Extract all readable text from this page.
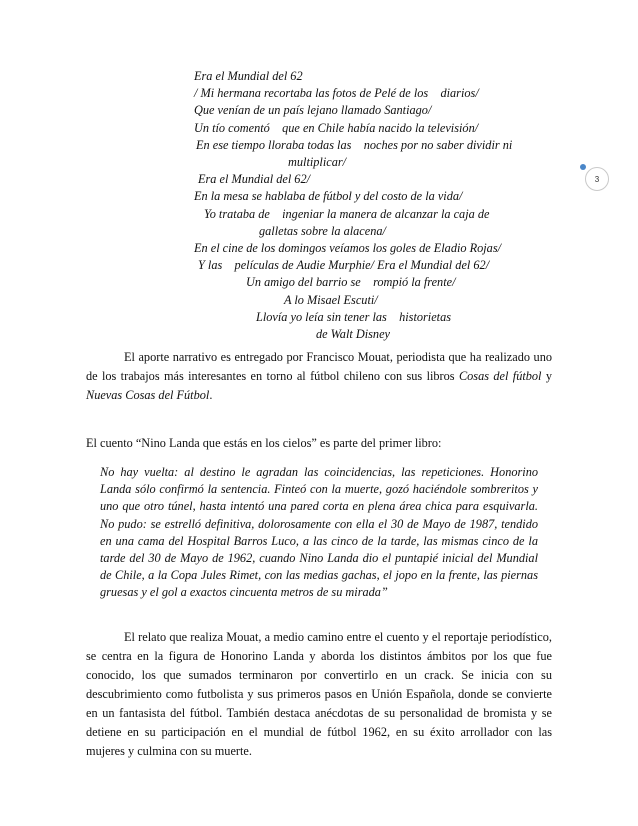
3
Era el Mundial del 62
/ Mi hermana recortaba las fotos de Pelé de los    diarios/
Que venían de un país lejano llamado Santiago/
Un tío comentó    que en Chile había nacido la televisión/
En ese tiempo lloraba todas las    noches por no saber dividir ni
multiplicar/
Era el Mundial del 62/
En la mesa se hablaba de fútbol y del costo de la vida/
Yo trataba de    ingeniar la manera de alcanzar la caja de
galletas sobre la alacena/
En el cine de los domingos veíamos los goles de Eladio Rojas/
Y las    películas de Audie Murphie/ Era el Mundial del 62/
Un amigo del barrio se    rompió la frente/
A lo Misael Escuti/
Llovía yo leía sin tener las    historietas
de Walt Disney

El aporte narrativo es entregado por Francisco Mouat, periodista que ha realizado uno de los trabajos más interesantes en torno al fútbol chileno con sus libros Cosas del fútbol y Nuevas Cosas del Fútbol.

El cuento “Nino Landa que estás en los cielos” es parte del primer libro:

No hay vuelta: al destino le agradan las coincidencias, las repeticiones. Honorino Landa sólo confirmó la sentencia. Finteó con la muerte, gozó haciéndole sombreritos y uno que otro túnel, hasta intentó una pared corta en plena área chica para esquivarla. No pudo: se estrelló definitiva, dolorosamente con ella el 30 de Mayo de 1987, tendido en una cama del Hospital Barros Luco, a las cinco de la tarde, las mismas cinco de la tarde del 30 de Mayo de 1962, cuando Nino Landa dio el puntapié inicial del Mundial de Chile, a la Copa Jules Rimet, con las medias gachas, el jopo en la frente, las piernas gruesas y el gol a exactos cincuenta metros de su mirada”

El relato que realiza Mouat, a medio camino entre el cuento y el reportaje periodístico, se centra en la figura de Honorino Landa y aborda los distintos ámbitos por los que fue conocido, los que sumados terminaron por convertirlo en un crack. Se inicia con su descubrimiento como futbolista y sus primeros pasos en Unión Española, donde se convierte en un fantasista del fútbol. También destaca anécdotas de su personalidad de bromista y se detiene en su participación en el mundial de fútbol 1962, en su éxito arrollador con las mujeres y culmina con su muerte.
